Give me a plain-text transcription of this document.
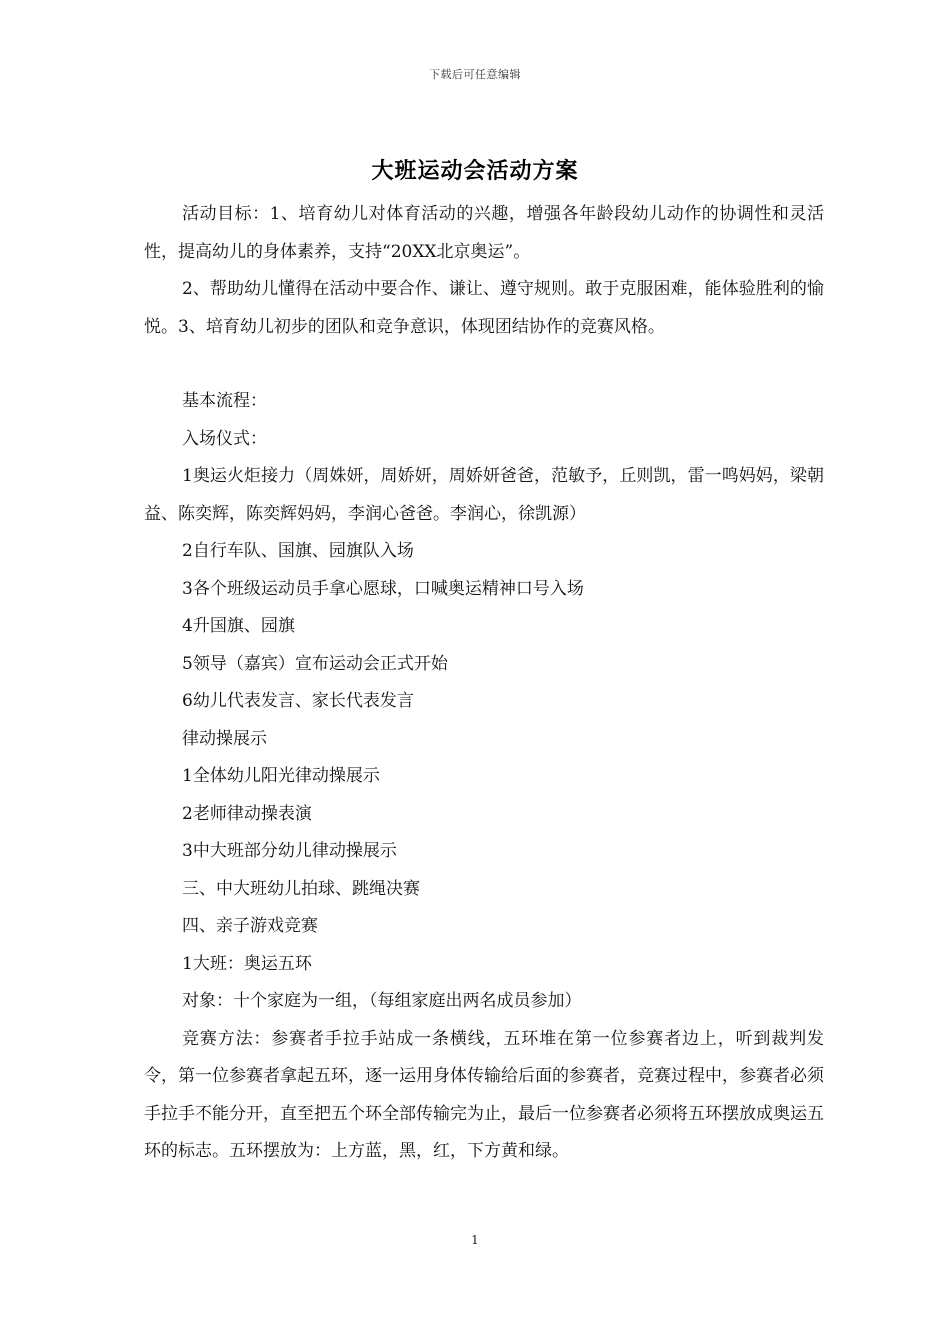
下载后可任意编辑
大班运动会活动方案

活动目标：1、培育幼儿对体育活动的兴趣，增强各年龄段幼儿动作的协调性和灵活性，提高幼儿的身体素养，支持“20XX北京奥运”。

2、帮助幼儿懂得在活动中要合作、谦让、遵守规则。敢于克服困难，能体验胜利的愉悦。3、培育幼儿初步的团队和竞争意识，体现团结协作的竞赛风格。

基本流程：

入场仪式：

1奥运火炬接力（周姝妍，周娇妍，周娇妍爸爸，范敏予，丘则凯，雷一鸣妈妈，梁朝益、陈奕辉，陈奕辉妈妈，李润心爸爸。李润心，徐凯源）

2自行车队、国旗、园旗队入场

3各个班级运动员手拿心愿球，口喊奥运精神口号入场

4升国旗、园旗

5领导（嘉宾）宣布运动会正式开始

6幼儿代表发言、家长代表发言

律动操展示

1全体幼儿阳光律动操展示

2老师律动操表演

3中大班部分幼儿律动操展示

三、中大班幼儿拍球、跳绳决赛

四、亲子游戏竞赛

1大班：奥运五环

对象：十个家庭为一组，（每组家庭出两名成员参加）

竞赛方法：参赛者手拉手站成一条横线，五环堆在第一位参赛者边上，听到裁判发令，第一位参赛者拿起五环，逐一运用身体传输给后面的参赛者，竞赛过程中，参赛者必须手拉手不能分开，直至把五个环全部传输完为止，最后一位参赛者必须将五环摆放成奥运五环的标志。五环摆放为：上方蓝，黑，红，下方黄和绿。

1
